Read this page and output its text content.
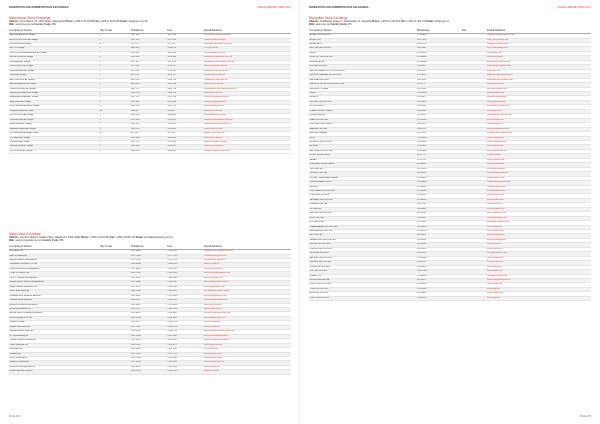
FEDERATION FOR ADMINISTRATIVE EXCHANGES	ANNUAL REPORT APRIL 2017
Macedonian Stock Exchange
Address: Orce Nikolov 75, 1000 Skopje, Macedonia Phone: (+389 2) 3122 055 Fax: (+389 2) 3122 069 Email: mse@mse.org.mk
Web: www.mse.org.mk Country Code: 389
Company's Name	City Code	Telephone	Fax	Email Address
Alta Vista Broker AD Skopje	2	3217 183	3217 183	info@altavistabroker.com.mk
AUTHOR BROKER AD Skopje	2	3297 055	3297 008	author@author.com.mk
BROKERION AD Bitola	47	237 122	237 122	brokerion@brokerion.com.mk
BRC OD Skopje	2	3098 561	3118 676	brc@mt.net.mk
Delta Plus Investment Broker AD Skopje	2	3201 361	3201 362	info@deltaplus.com.mk
DELIBROKER AD Skopje	2	3216 380	3216 380	delibroker@delibroker.com.mk
Eurobroker AD Skopje	2	3217 617	3217 626	eurobroker@eurobroker.com.mk
EUROINVEST AD Skopje	2	3215 161	3223 427	info@euroinvest.com.mk
Fersped Broker AD Skopje	2	3112 023	3112 023	fersped@fersped.com.mk
Finesa AD Skopje	2	3079 222	3079 217	finesa@finesa.com.mk
HALK BROKER AD Skopje	2	3133 130	3133 131	halkbroker@halkbank.mk
Ilirika Investments AD Skopje	2	3099 063	3122 100	ilirika@ilirika.com.mk
INVESTBROKER AD Skopje	2	3201 711	3201 710	investbroker@investbroker.com.mk
Komercijalna Banka AD Skopje	2	3168 210	3168 274	broker@kb.com.mk
Makedonska Banka AD Skopje	2	3137 122	3137 124	broker@mbskopje.com.mk
Moja Banka AD Skopje	2	3124 032	3124 040	broker@mojabanka.mk
NLB Tutunska Banka AD Skopje	2	3105 744	3105 713	broker@nlbtb.com.mk
Ohridska Banka AD Ohrid	46	206 000	206 000	broker@ob.com.mk
PRO BROKER AD Skopje	2	3233 555	3233 556	info@probroker.com.mk
Procredit Bank AD Skopje	2	3219 900	3219 901	broker@procreditbank.com.mk
Sileks Banka AD Skopje	2	3114 202	3114 204	broker@sileksbanka.com.mk
Stopanska Banka AD Skopje	2	3295 295	3114 503	broker@stb.com.mk
STOPANSKA BANKA AD Bitola	47	207 500	207 555	broker@stbbt.com.mk
TTK Banka AD Skopje	2	3236 400	3236 444	broker@ttk.com.mk
UNI Banka AD Skopje	2	3111 120	3111 050	broker@unibank.com.mk
Unicredit Bank AD Skopje	2	3289 400	3289 401	broker@unicredit.mk
VIP BROKER AD Skopje	2	3090 980	3090 981	contact@vipbroker.com.mk
Malta Stock Exchange
Address: Garrison Chapel, Castille Place, Valletta VLT 1063, Malta Phone: (+356) 21 244 051 Fax: (+356) 25 696 316 Email: borza@borzamalta.com.mt
Web: www.borzamalta.com.mt Country Code: 356
Company's Name	City Code	Telephone	Fax	Email Address
APS Bank Ltd		2122 6644	2122 6202	stockbroking@apsbank.com.mt
Bank of Valletta plc		2131 2020	2275 1733	customercare@bov.com
Bank of Valletta Stockbroking		2275 1730	2275 1733	stockbroking@bov.com
Calamatta Cuschieri & Co Ltd		2568 8688	2568 8256	info@cc.com.mt
Charts Investment Management		2122 4106	2124 1101	info@charts.com.mt
Curmi & Partners Ltd		2134 7331	2134 7333	info@curmiandpartners.com
FINCO Treasury Management		2122 0002	2124 3280	info@fincotrust.com
GlobalCapital Financial Management		2131 0088	2131 0087	info@globalcapital.com.mt
Hogg Capital Investments Ltd		2132 2872	2134 2760	info@hoggcapital.com
HSBC Bank Malta plc		2380 2380	2149 0022	stockbroking@hsbc.com.mt
Jesmond Mizzi Financial Advisors		2122 4410	2122 3810	info@jesmondmizzi.com
Lombard Bank Malta plc		2558 1114	2558 1112	mail@lombardmalta.com
Mercieca Financial Investment		2155 3892	2155 3893	info@mercieca.net
MFSA Investments Ltd		2144 1155	2144 1150	info@mfsa.com.mt
Michael Grech Financial Investment		2155 4492	2155 4491	michael@grechfinancial.com
Rizzo Farrugia & Co Ltd		2258 3000	2258 3001	info@rizzofarrugia.com
Medserv Capital		2123 0777	2123 0778	info@medserv.eu
Valletta Fund Services		2122 7311	2123 6714	info@vfs.com.mt
Sparkasse Bank Malta plc		2133 5705	2133 5719	info@sparkasse-bank-malta.com
ST Stockbroking Ltd		2145 3200	2145 3201	info@ststockbroking.com
Crystal Finance Investments		2122 6190	2122 6191	info@crystalfinance.com.mt
Loqus Financial Ltd		2133 7070	2133 7071	info@loqus.com.mt
Izola Bank plc		2124 1186	2124 1187	info@izola.com
FIMBank plc		2132 2100	2132 2122	info@fimbank.com
Grech Investments		2155 7800	2155 7801	info@grechinv.com
Harbour Investments		2131 0000	2131 0001	info@harbour.com.mt
Financial Planning Services		2134 4255	2134 4256	info@fps.com.mt
Island Financial Services		2138 5856	2138 5855	info@ifs.com.mt
PAGE 184
FEDERATION FOR ADMINISTRATIVE EXCHANGES	ANNUAL REPORT APRIL 2017
Mongolian Stock Exchange
Address: Sukhbaatar Square 2, Ulaanbaatar 11, Mongolia Phone: (+976) 11 310 501 Fax: (+976) 11 325 170 Email: info@mse.mn
Web: www.mse.mn Country Code: 976
Company's Name	Telephone	Fax	Email Address
ALTAN KHOROMSOG	11-318899		altankhoromsog@yahoo.com
ALTAN ORD	11-327314		altan_ord@mongol.net
ARGAI BEST	11-312290		argaibest@yahoo.com
ARD CAPITAL GROUP	70117000		info@ardholdings.com
BDSEC	11-321418		info@bdsec.mn
BLUE SKY SECURITIES	11-330008		info@bluesky.mn
BUMBAT-ALTAI	11-310960		bumbataltai@yahoo.com
BULGAN BROKER	11-324311		bulganbroker@gmail.com
CAPITAL MARKETS CORPORATION	70112010		info@cmc.mn
DELGER KHANGAI SECURITIES	11-319211		delgerkhangai@yahoo.com
DARKHAN BROKER	70375566		darkhanbroker@yahoo.com
DAEWOO SECURITIES MONGOLIA	75757077		info@daewoo.mn
GATSUURT TRADE	11-312141		gatsuurt@yahoo.com
GAULI	11-323440		gauli@yahoo.com
GENDEX	11-310977		gendex@mongol.net
GOLOMT SECURITIES	11-323123		info@golomtsec.mn
GOVIIN EHLEL	11-315591		goviinehlel@yahoo.com
GRAND DEVELOPMENT	70152000		info@grand.mn
HUNNU EMPIRE	11-317512		hunnuempire@yahoo.com
KHAN SECURITIES	11-332333		info@khansec.mn
LIFETIME INVESTMENT	70115555		info@lifetime.mn
MANDAL CAPITAL	75553311		info@mandalcapital.mn
MERGEN SANAA	11-312222		mergensanaa@yahoo.com
MICA	11-318008		mica@mongol.net
MONGOL SECURITIES	11-319900		info@mongolsec.mn
MONSEC	11-310022		info@monsec.mn
NATIONAL SECURITIES	11-324400		info@nationalsec.mn
NOVEL INVESTMENT	70127777		info@novel.mn
SANAR	11-317711		sanar@yahoo.com
STANDARD INVESTMENT	70114488		info@standard.mn
TDB CAPITAL	11-327070		info@tdbcapital.mn
TENGER CAPITAL	70130303		info@tengercapital.mn
TULGAT CHANDMANI BAYAN	11-318840		tulgat@yahoo.com
UNDURKHAAN INVEST	11-320404		undurkhaan@yahoo.com
ZERGED	11-313131		zerged@yahoo.com
ZOOS BANK SECURITIES	11-316000		info@zoosbank.mn
ZORIG SECURITIES	11-323232		zorig@yahoo.com
XACBANK SECURITIES	11-318185		info@xacbank.mn
EURASIA CAPITAL	70117788		info@eurasia.mn
SG CAPITAL	70116600		info@sgcapital.mn
MERGEN SECURITIES	11-331100		info@mergensec.mn
APEX CAPITAL	70118899		info@apexcapital.mn
GOLDEN STAR	11-312345		goldenstar@yahoo.com
ULAANBAATAR SECURITIES	11-314400		info@ubsec.mn
MANDALA SECURITIES	11-319119		info@mandala.mn
ARJ CAPITAL	70150505		info@arjcapital.mn
TAVAN BOGD SECURITIES	11-310101		info@tavanbogd.mn
NIISLEL SECURITIES	11-326262		info@niislel.mn
ORKHON SECURITIES	11-325522		info@orkhon.mn
SELENGE BROKER	11-321121		selenge@yahoo.com
BAYALAG SECURITIES	11-329900		info@bayalag.mn
KHUREE SECURITIES	11-311122		info@khuree.mn
TUMEN SECURITIES	11-316655		info@tumen.mn
SOD SECURITIES	11-327788		info@sodsec.mn
ULAAN TUG	11-310808		ulaantug@yahoo.com
MONGOLIA CAPITAL	70119911		info@mongoliacapital.mn
STEPPE SECURITIES	11-323300		info@steppe.mn
TOGS SECURITIES	11-314141		info@togs.mn
ALTAI SECURITIES	11-328811		info@altaisec.mn
ORGIL SECURITIES	11-312020		info@orgil.mn
PAGE 185
